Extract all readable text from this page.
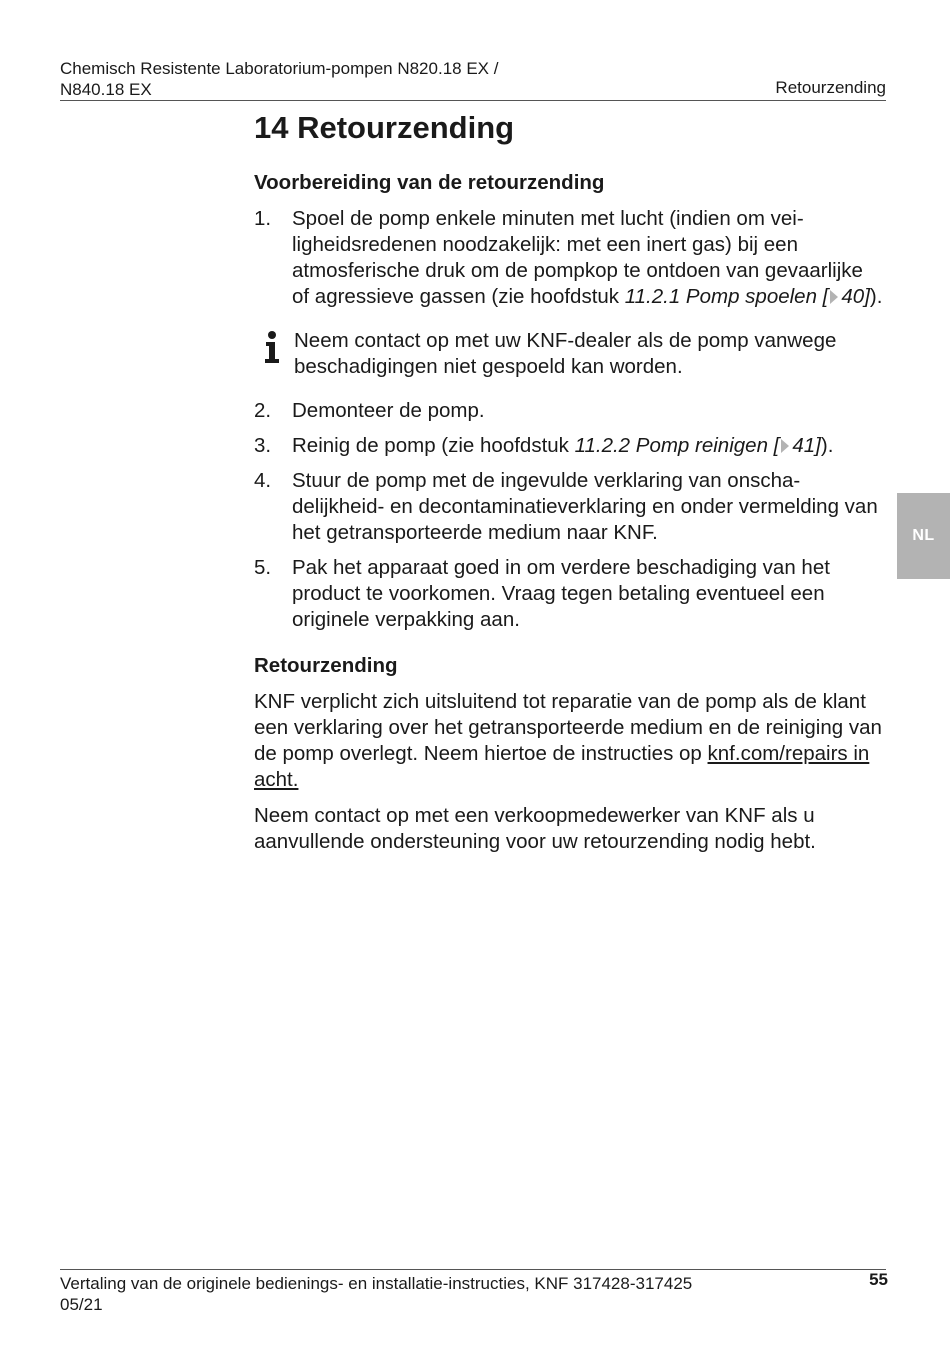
Chemisch Resistente Laboratorium-pompen N820.18 EX /
N840.18 EX	Retourzending
NL
14 Retourzending
Voorbereiding van de retourzending
1. Spoel de pomp enkele minuten met lucht (indien om veiligheidsredenen noodzakelijk: met een inert gas) bij een atmosferische druk om de pompkop te ontdoen van gevaarlijke of agressieve gassen (zie hoofdstuk 11.2.1 Pomp spoelen [ 40]).
Neem contact op met uw KNF-dealer als de pomp vanwege beschadigingen niet gespoeld kan worden.
2. Demonteer de pomp.
3. Reinig de pomp (zie hoofdstuk 11.2.2 Pomp reinigen [ 41]).
4. Stuur de pomp met de ingevulde verklaring van onschadelijkheid- en decontaminatieverklaring en onder vermelding van het getransporteerde medium naar KNF.
5. Pak het apparaat goed in om verdere beschadiging van het product te voorkomen. Vraag tegen betaling eventueel een originele verpakking aan.
Retourzending

KNF verplicht zich uitsluitend tot reparatie van de pomp als de klant een verklaring over het getransporteerde medium en de reiniging van de pomp overlegt. Neem hiertoe de instructies op knf.com/repairs in acht.

Neem contact op met een verkoopmedewerker van KNF als u aanvullende ondersteuning voor uw retourzending nodig hebt.

Vertaling van de originele bedienings- en installatie-instructies, KNF 317428-317425
05/21
55
